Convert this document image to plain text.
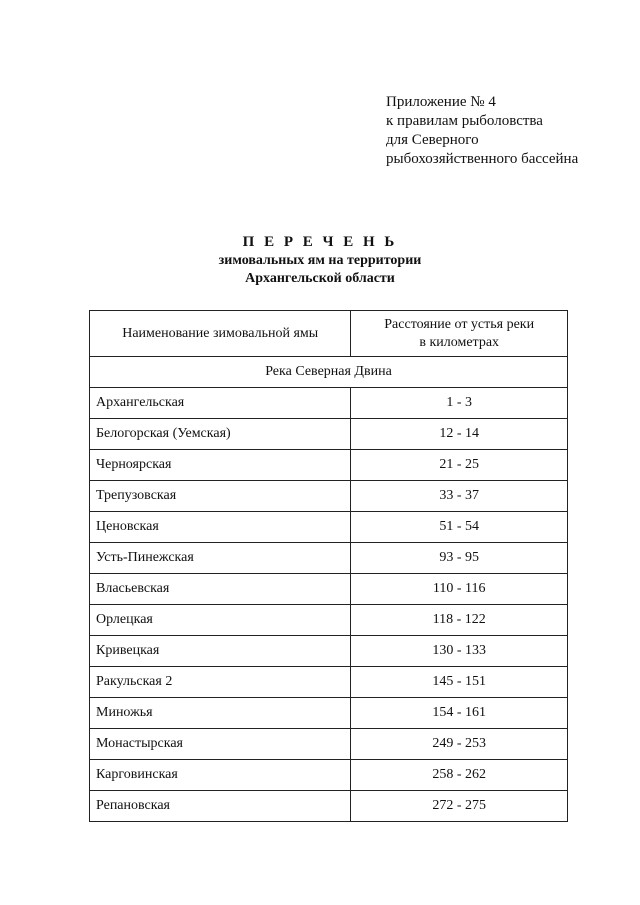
Приложение № 4
к правилам рыболовства
для Северного
рыбохозяйственного бассейна
П Е Р Е Ч Е Н Ь
зимовальных ям на территории
Архангельской области
Наименование зимовальной ямы	Расстояние от устья реки
в километрах

Река Северная Двина	
Архангельская	1 - 3
Белогорская (Уемская)	12 - 14
Черноярская	21 - 25
Трепузовская	33 - 37
Ценовская	51 - 54
Усть-Пинежская	93 - 95
Власьевская	110 - 116
Орлецкая	118 - 122
Кривецкая	130 - 133
Ракульская 2	145 - 151
Миножья	154 - 161
Монастырская	249 - 253
Карговинская	258 - 262
Репановская	272 - 275
